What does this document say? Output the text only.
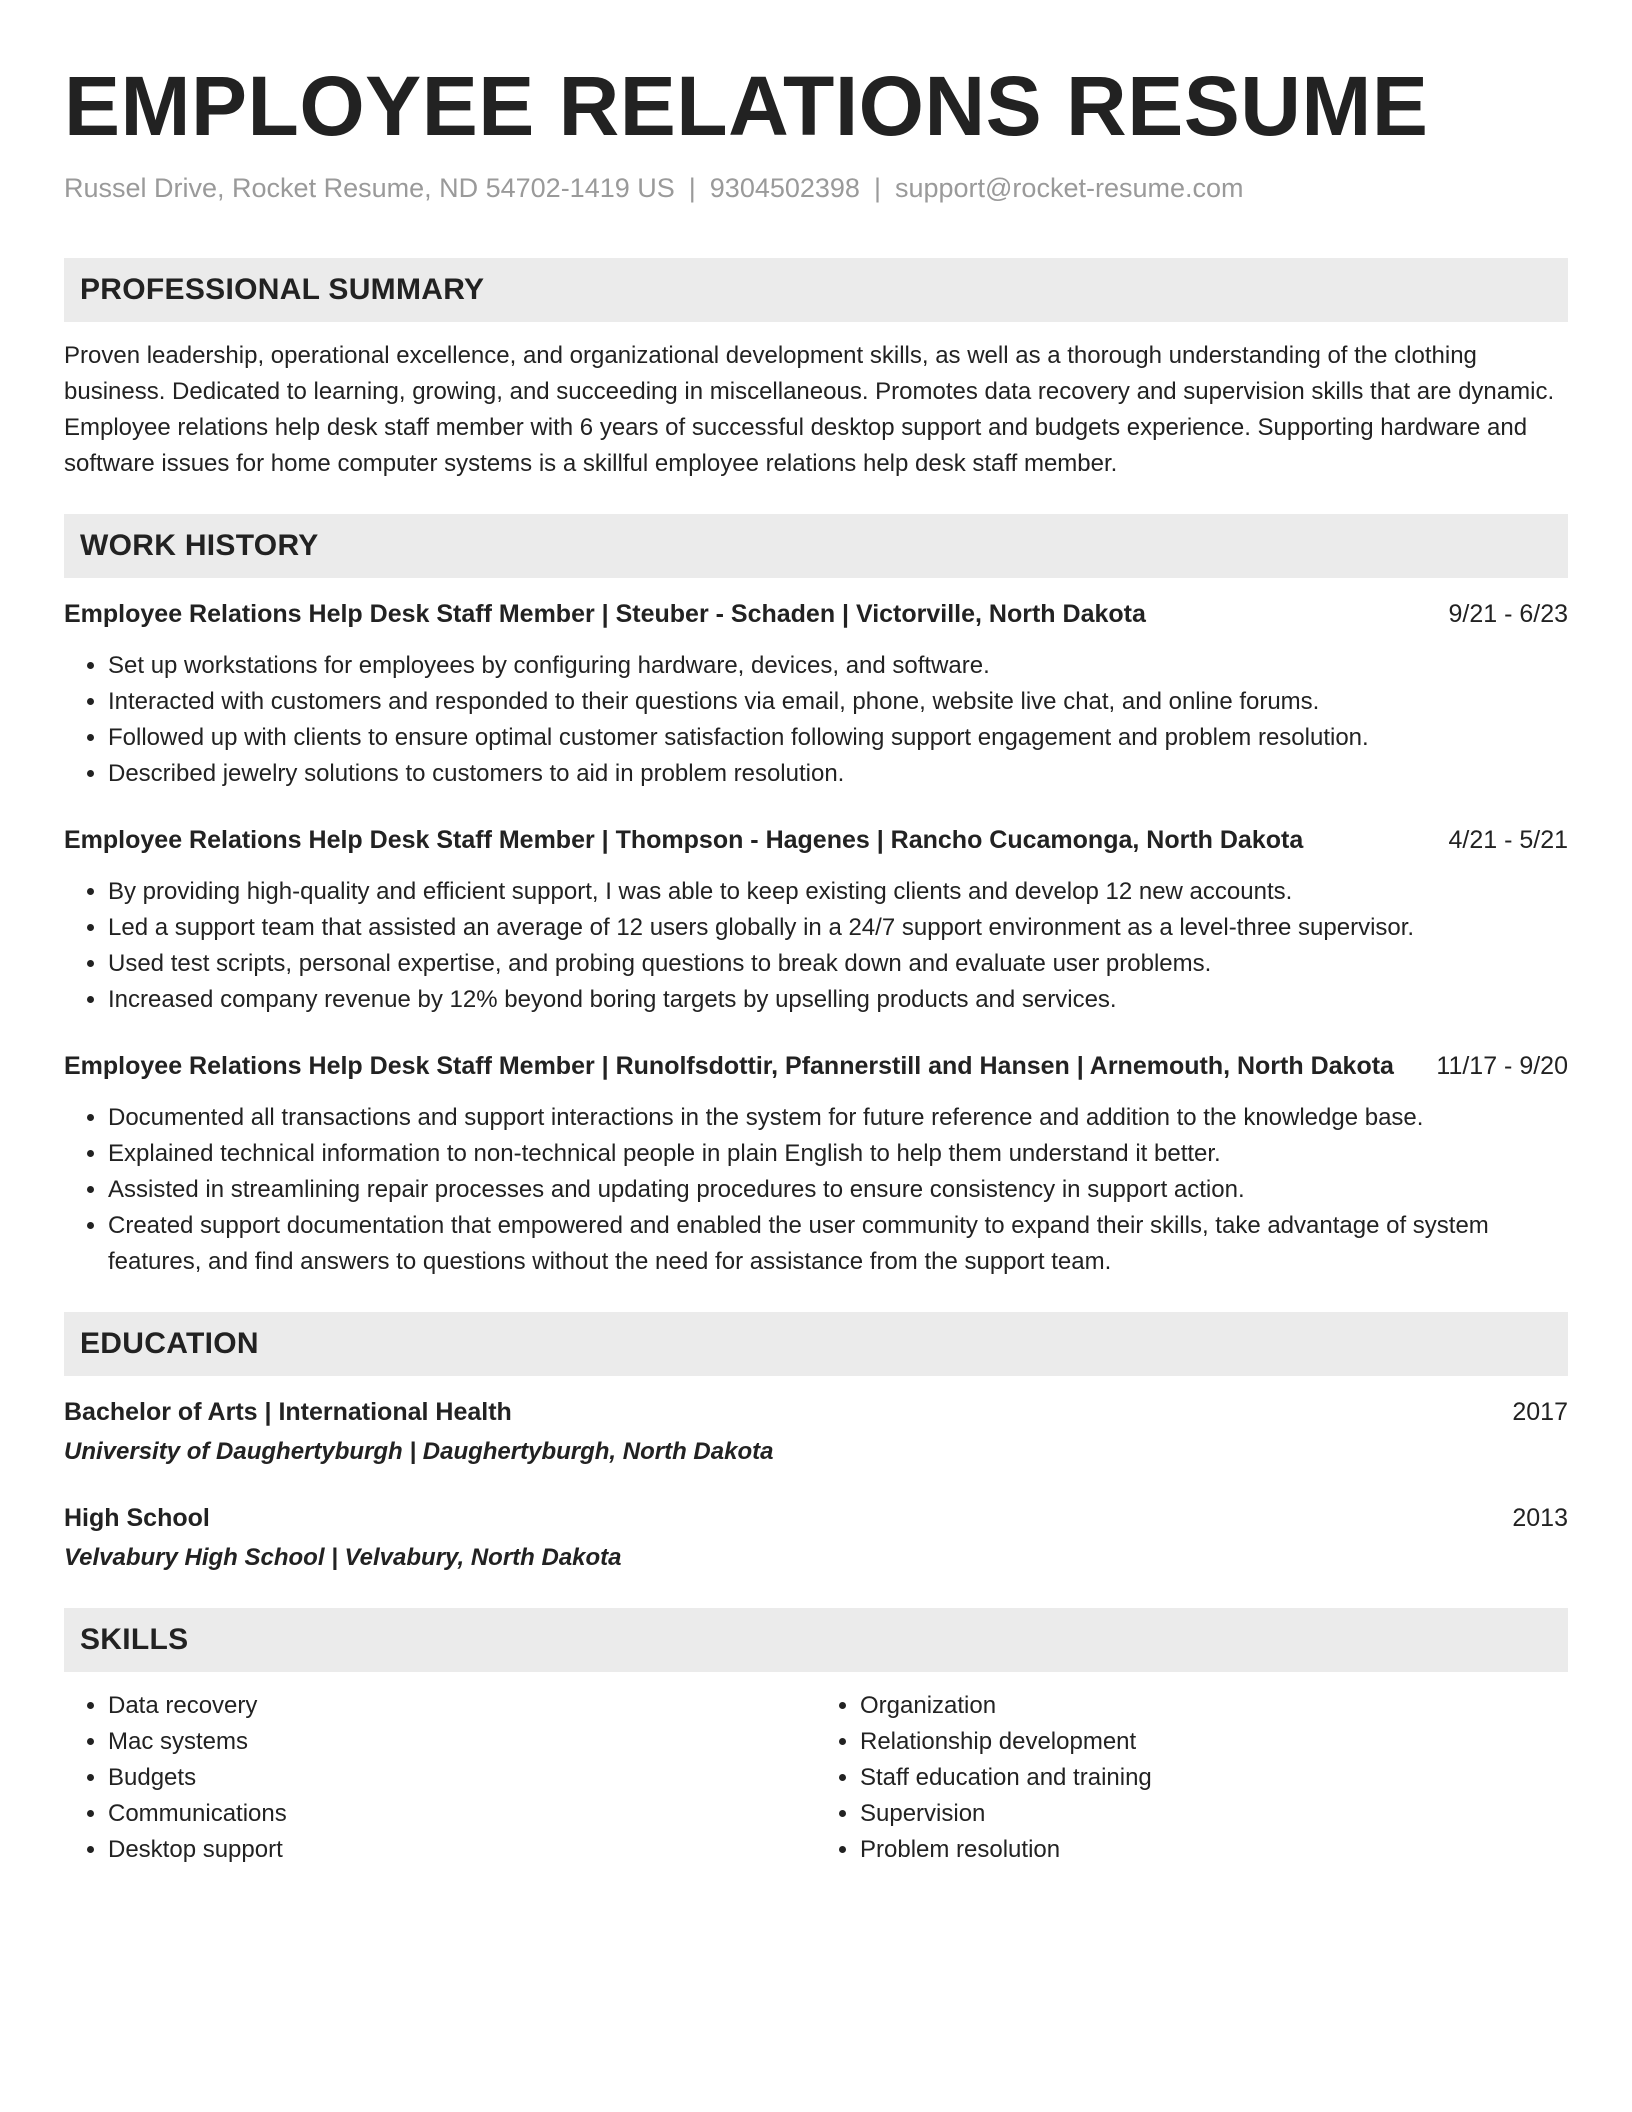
EMPLOYEE RELATIONS RESUME
Russel Drive, Rocket Resume, ND 54702-1419 US | 9304502398 | support@rocket-resume.com
PROFESSIONAL SUMMARY

Proven leadership, operational excellence, and organizational development skills, as well as a thorough understanding of the clothing business. Dedicated to learning, growing, and succeeding in miscellaneous. Promotes data recovery and supervision skills that are dynamic. Employee relations help desk staff member with 6 years of successful desktop support and budgets experience. Supporting hardware and software issues for home computer systems is a skillful employee relations help desk staff member.

WORK HISTORY
Employee Relations Help Desk Staff Member | Steuber - Schaden | Victorville, North Dakota	9/21 - 6/23
• Set up workstations for employees by configuring hardware, devices, and software.
• Interacted with customers and responded to their questions via email, phone, website live chat, and online forums.
• Followed up with clients to ensure optimal customer satisfaction following support engagement and problem resolution.
• Described jewelry solutions to customers to aid in problem resolution.
Employee Relations Help Desk Staff Member | Thompson - Hagenes | Rancho Cucamonga, North Dakota	4/21 - 5/21
• By providing high-quality and efficient support, I was able to keep existing clients and develop 12 new accounts.
• Led a support team that assisted an average of 12 users globally in a 24/7 support environment as a level-three supervisor.
• Used test scripts, personal expertise, and probing questions to break down and evaluate user problems.
• Increased company revenue by 12% beyond boring targets by upselling products and services.
Employee Relations Help Desk Staff Member | Runolfsdottir, Pfannerstill and Hansen | Arnemouth, North Dakota	11/17 - 9/20
• Documented all transactions and support interactions in the system for future reference and addition to the knowledge base.
• Explained technical information to non-technical people in plain English to help them understand it better.
• Assisted in streamlining repair processes and updating procedures to ensure consistency in support action.
• Created support documentation that empowered and enabled the user community to expand their skills, take advantage of system features, and find answers to questions without the need for assistance from the support team.
EDUCATION
Bachelor of Arts | International Health	2017
University of Daughertyburgh | Daughertyburgh, North Dakota
High School	2013
Velvabury High School | Velvabury, North Dakota
SKILLS
• Data recovery
• Mac systems
• Budgets
• Communications
• Desktop support
• Organization
• Relationship development
• Staff education and training
• Supervision
• Problem resolution
